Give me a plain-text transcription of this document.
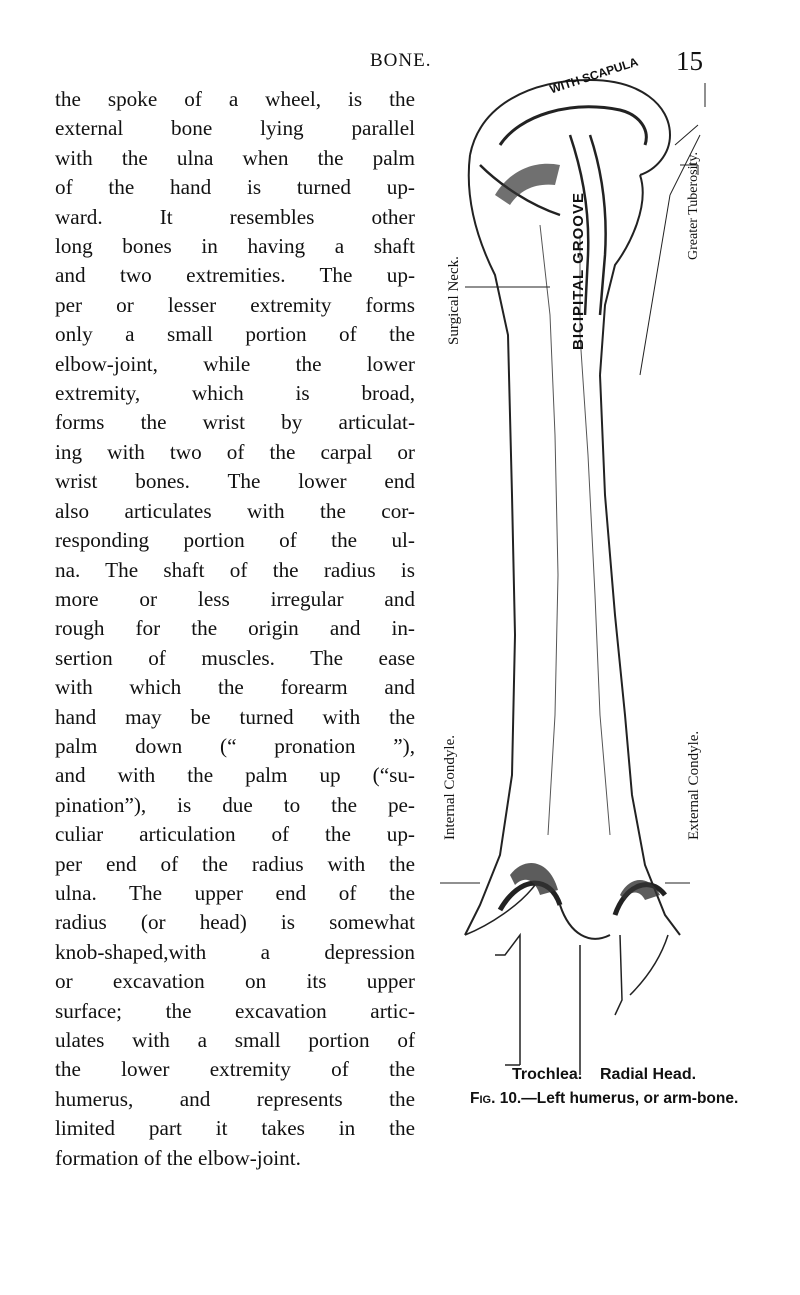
BONE.	15
the spoke of a wheel, is the
external bone lying parallel
with the ulna when the palm
of the hand is turned up-
ward. It resembles other
long bones in having a shaft
and two extremities. The up-
per or lesser extremity forms
only a small portion of the
elbow-joint, while the lower
extremity, which is broad,
forms the wrist by articulat-
ing with two of the carpal or
wrist bones. The lower end
also articulates with the cor-
responding portion of the ul-
na. The shaft of the radius is
more or less irregular and
rough for the origin and in-
sertion of muscles. The ease
with which the forearm and
hand may be turned with the
palm down (“ pronation ”),
and with the palm up (“su-
pination”), is due to the pe-
culiar articulation of the up-
per end of the radius with the
ulna. The upper end of the
radius (or head) is somewhat
knob-shaped,with a depression
or excavation on its upper
surface; the excavation artic-
ulates with a small portion of
the lower extremity of the
humerus, and represents the
limited part it takes in the
formation of the elbow-joint.
BICIPITAL GROOVE
WITH SCAPULA
Surgical Neck.
Greater Tuberosity.
Internal Condyle.	External Condyle.
Trochlea. Radial Head.
Fig. 10.—Left humerus, or arm-bone.
